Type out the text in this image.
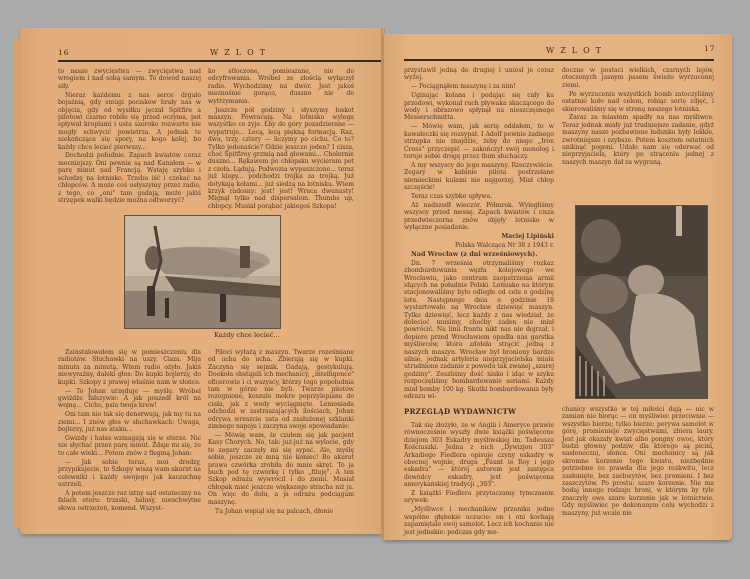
16	WZLOT

to nasze zwycięstwa — zwycięstwa nad wrogiem i nad sobą samym. To dowód naszej siły.

Nieraz każdemu z nas serce drgało bojaźnią, gdy smugi pocisków brały nas w objęcia, gdy od wysiłku jęczał Spitfire a pilotowi czarno robiło się przed oczyma, pot spływał kroplami i usta szeroko rozwarte nie mogły schwycić powietrza. A jednak te niekończące się spory, na kogo kolej, bo każdy chce lecieć pierwszy...

Dochodzi południe. Zapach kwiatów coraz mocniejszy. Oni pewnie są nad Kanałem — w parę minut nad Francją. Wstaję szybko i schodzę na lotnisko. Trzeba iść i czekać na chłopców. A może coś usłyszymy przez radio, z tego, co „oni" tam gadają, może jakiś strzępek walki będzie można odtworzyć?

ko stłoczone, pomieszane, nie do odcyfrowania. Wróbel ze złością wyłączył radio. Wychodzimy na dwór. Jest jakoś nieznośnie gorąco, duszno nie do wytrzymania.

Jeszcze pół godziny i słyszymy łoskot maszyn. Powracają. Na lotnisko wylega wszystko co żyje. Łby do góry pozadzierane — wypatruje... Lecą, lecą piękną formacją. Raz, dwa, trzy, cztery — liczymy po cichu. Co to? Tylko jedenaście? Gdzie jeszcze jeden? I cisza, choć Spitfirey grzmią nad głowami... Cholernie duszno... Rękawem po chłopsku wycieram pot z czoła. Lądują. Podwozia wypuszczone... teraz już klapy... podchodzi trójka za trójką. Już dotykają kołami... już siedzą na lotnisku. Wtem krzyk radosny: jest! jest! Wraca dwunasty! Mignął tylko nad dispersalem. Thumbs up, chłopcy. Musiał porąbać jakiegoś Szkopa!

Każdy chce lecieć...

Zainstalowałem się w pomieszczeniu dla radiotów. Słuchawki na uszy. Cisza. Mija minuta za minutą. Wtem radio ożyło. Jakiś niewyraźny, daleki głos: Do kupki bojlerzy, do kupki. Szkopy z prawej właśnie nam w słońce.

— To Johan urzęduje — myślę. Wróbel gwiżdże fałszywie: A jak poszedł król na wojnę... Cicho, psia twoja krew!

Oni tam nie tak się denerwują, jak my tu na ziemi... I znów głos w słuchawkach: Uwaga, bojlerzy, już nas ataku...

Gwizdy i hałas wzmagają się w eterze. Nic nie słychać przez parę minut. Zdaje mi się, że to całe wieki... Potem znów z flegmą Johan:

— Jak sobie teraz, moi drodzy, przypikujecie, to Szkopy wiszą wam akurat na celowniki i każdy swojego jak kaczuchnę ustrzeli.

A potem jeszcze raz istny sąd ostateczny na falach eteru: trzaski, hałasy, nieuchwytne słowa ostrzeżeń, komend. Wszyst-

Piloci wyłażą z maszyn. Twarze roześmiane od ucha do ucha. Zbierają się w kupki. Zaczyna się sejmik. Gadają, gestykulują. Dookoła obstąpili ich mechanicy, „intelligence" oficerowie i ci wszyscy, którzy tego popołudnia tam w górze nie byli. Twarze pilotów rozognione, koszule mokre poprzylepiane do ciała, jak z wody wyciągnięte. Lemoniada odchodzi w zastraszających ilościach, Johan odrywa wreszcie usta od zasłużonej szklanki zimnego napoju i zaczyna swoje opowiadanie:

— Mówię wam, że czułem się jak pacjent Kasy Chorych. No, tak: już-już na wylocie, gdy te zegary zaczęły mi się sypać. Ale, myślę sobie, jeszcze ze mną nie koniec! Bo akurat prawa czwórka zrobiła do mnie skręt. To ja buch pod tę czwórkę i tylko „filuję". A ten Szkop odrazu wywrócił i do ziemi. Musiał chłopak mieć jeszcze większego stracha niż ja. On więc do dołu, a ja odrazu podciągam maszynę.

Tu Johan wspiął się na palcach, dłonie

WZLOT	17

przystawił jedną do drugiej i uniósł je coraz wyżej.

— Pociągnąłem maszynę i za nim!

Uginając kolana i podając się cały ku przodowi, wykonał ruch pływaka skaczącego do wody i obrazowo spłynął na nieszczęsnego Messerschmitta.

— Mówię wam, jak serię oddałem, to w kawałeczki się rozsypał. I Adolf pewnie żadnego strzępka nie znajdzie, żeby do niego „Iron Cross" przyczepić — zakończył swój monolog i toruje sobie drogę przez tłum słuchaczy.

A my wszyscy do jego maszyny. Rzeczywiście. Zegary w kabinie pilota postrzelane niemieckimi kulami nie najgorzej. Miał chłop szczęście!

Teraz czas szybko upływa.

Aż nadszedł wieczór. Półmrok. Wyległiśmy wszyscy przed messę. Zapach kwiatów i cisza przedwieczorna znów objęły lotnisko w wyłączne posiadanie.

Maciej Lipiński

Polska Walcząca Nr 38 z 1943 r.

Nad Wrocław (z dni wrześniowych).

Dn. 7 września otrzymaliśmy rozkaz zbombardowania węzła kolejowego we Wrocławiu, jako centrum zaopatrzenia armii idących na południe Polski. Lotnisko na którym stacjonowaliśmy było odległe od celu o godzinę lotu. Następnego dnia o godzinie 19 wystartowało na Wrocław dziewięć maszyn. Tylko dziewięć, lecz każdy z nas wiedział, że dolecieć musimy, choćby żaden nie miał powrócić. Na linii frontu nikt nas nie dojrzał, i dopiero przed Wrocławiem opadła nas garstka myśliwców, która zdołała strącić jedną z naszych maszyn. Wrocław był broniony bardzo silnie, jednak artyleria nieprzyjacielska miała utrudnione zadanie z powodu tak zwanej „szarej godziny". Zeszliśmy dość nisko i idąc w szyku rozpoczęliśmy bombardowanie seriami. Każdy miał bomby 100 kg. Skutki bombardowania były odrazu wi-

PRZEGLĄD WYDAWNICTW

Tak się złożyło, że w Anglii i Ameryce prawie równocześnie wyszły dwie książki poświęcone dziejom 303 Eskadry myśliwskiej im. Tadeusza Kościuszki. Jedna z nich „Dywizjon 303" Arkadiego Fiedlera opisuje czyny eskadry w obecnej wojnie, druga „Faunt le Roy i jego eskadra" — której autorem jest zastępca dowódcy eskadry, jest poświęcona amerykańskiej tradycji „303".

Z książki Fiedlera przytaczamy tymczasem urywek:

„Myśliwce i mechaników przenika jedno wspólne głębokie uczucie: on i oni kochają zapamiętale swój samolot. Lecz ich kochanie nie jest jednakie: podczas gdy me-

doczne w postaci wielkich, czarnych lejów, otoczonych jasnym pasem świeżo wyrzuconej ziemi.

Po wyrzuceniu wszystkich bomb zatoczyliśmy ostatnie koło nad celem, robiąc serię zdjęć, i skierowaliśmy się w stronę naszego lotniska.

Zaraz za miastem spadły na nas myśliwce. Teraz jednak miały już trudniejsze zadanie, gdyż maszyny nasze pozbawione ładunku były lekkie, zwrotniejsze i szybsze. Potem kosztem ostatnich uniknąć pogoni. Udało nam się oderwać od nieprzyjaciela, który po strąceniu jednej z naszych maszyn dał za wygraną.

chanicy wszystko w tej miłości dają — nic w zamian nie biorąc — on myśliwiec przeciwnie — wszystko bierze; tylko bierze: porywa samolot w górę, promienieje zwycięstwami, zbiera laury. Jest jak okazały kwiat albo pongny owoc, który budzi główny podziw, dla którego są picini, nasłoneczni, słońca. Oni mechanicy są jak skromne korzenie tego kwiatu, niezbędnie potrzebne co prawda dla jego rozkwitu, lecz zasłonięte, bez zachwytów, bez promieni. I bez zaszczytów. Po prostu: szare korzenie. Nie ma bodaj innego rodzaju broni, w którym by tyle znaczyły owe szare korzenie jak w lotnictwie. Gdy myśliwiec po dokonanym celu wychodzi z maszyny, już wcale nie
